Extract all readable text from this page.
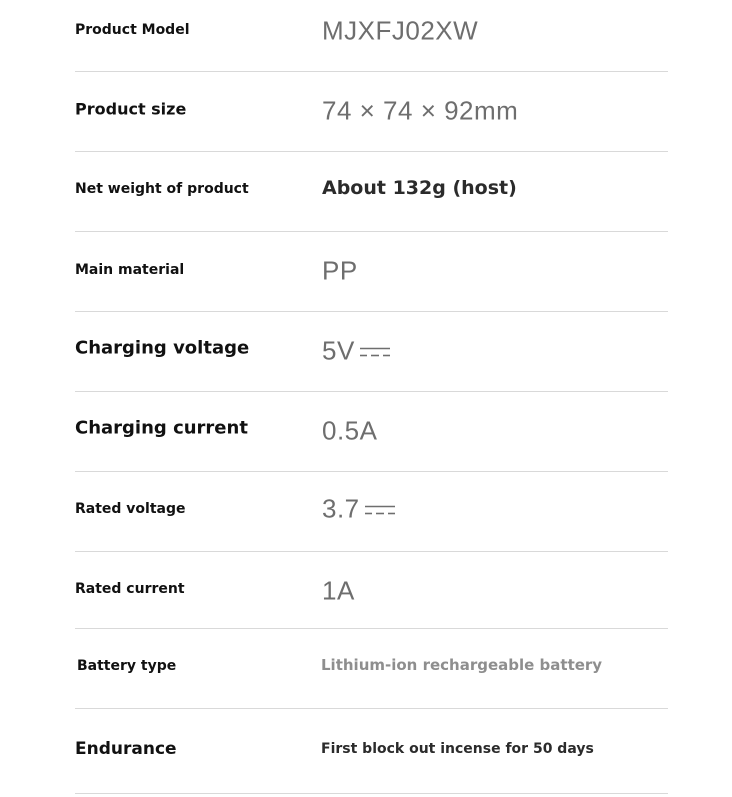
Product Model	MJXFJ02XW
Product size	74 × 74 × 92mm
Net weight of product	About 132g (host)
Main material	PP
Charging voltage	5V
Charging current	0.5A
Rated voltage	3.7
Rated current	1A
Battery type	Lithium-ion rechargeable battery
Endurance	First block out incense for 50 days
